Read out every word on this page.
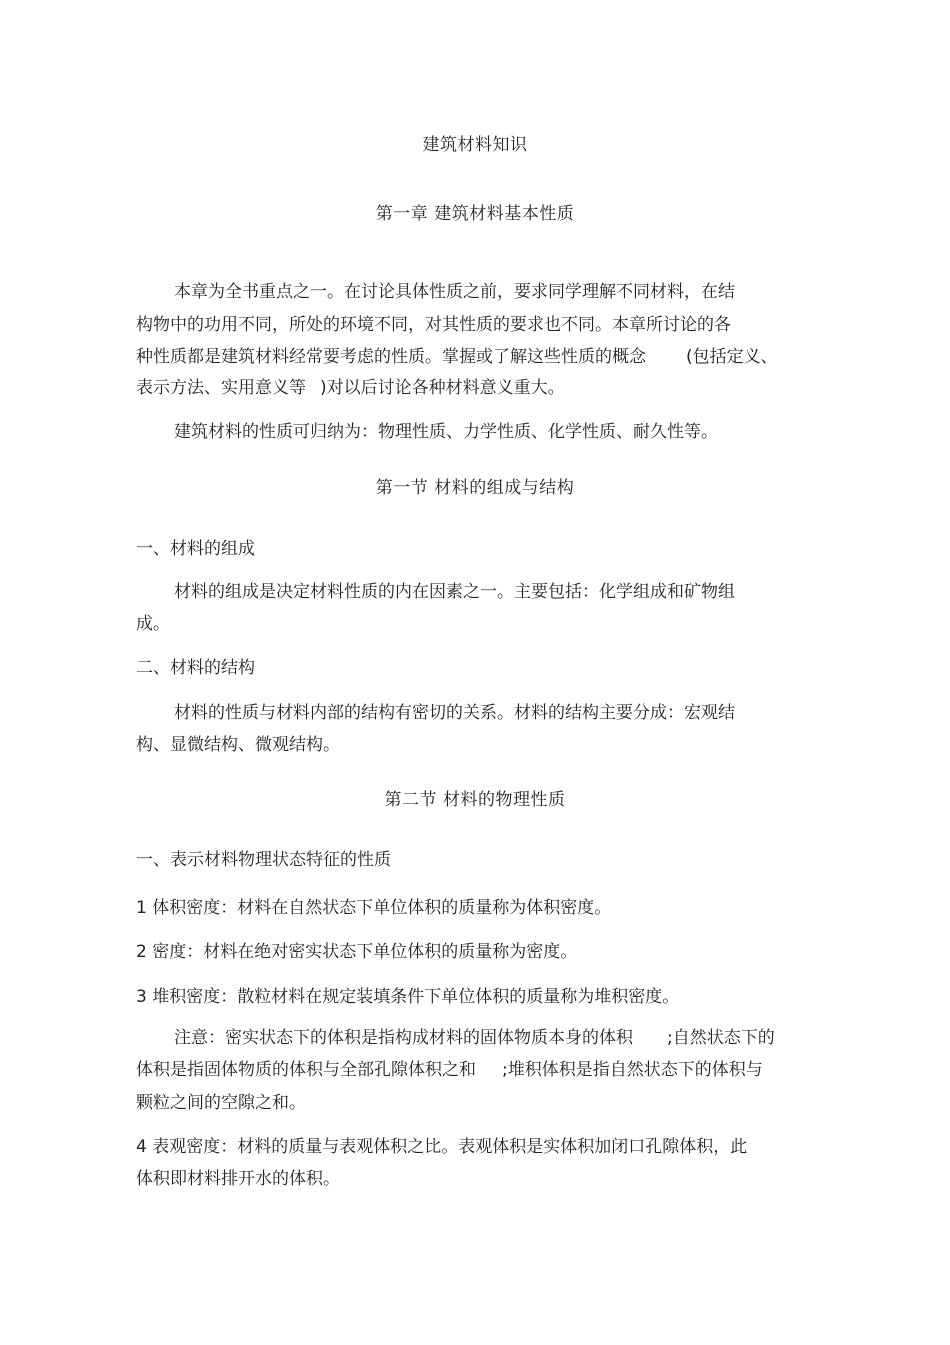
建筑材料知识
第一章 建筑材料基本性质
本章为全书重点之一。在讨论具体性质之前，要求同学理解不同材料，在结
构物中的功用不同，所处的环境不同，对其性质的要求也不同。本章所讨论的各
种性质都是建筑材料经常要考虑的性质。掌握或了解这些性质的概念 (包括定义、
表示方法、实用意义等 )对以后讨论各种材料意义重大。
建筑材料的性质可归纳为：物理性质、力学性质、化学性质、耐久性等。
第一节 材料的组成与结构
一、材料的组成
材料的组成是决定材料性质的内在因素之一。主要包括：化学组成和矿物组
成。
二、材料的结构
材料的性质与材料内部的结构有密切的关系。材料的结构主要分成：宏观结
构、显微结构、微观结构。
第二节 材料的物理性质
一、表示材料物理状态特征的性质
1 体积密度：材料在自然状态下单位体积的质量称为体积密度。
2 密度：材料在绝对密实状态下单位体积的质量称为密度。
3 堆积密度：散粒材料在规定装填条件下单位体积的质量称为堆积密度。
注意：密实状态下的体积是指构成材料的固体物质本身的体积 ;自然状态下的
体积是指固体物质的体积与全部孔隙体积之和 ;堆积体积是指自然状态下的体积与
颗粒之间的空隙之和。
4 表观密度：材料的质量与表观体积之比。表观体积是实体积加闭口孔隙体积，此
体积即材料排开水的体积。
